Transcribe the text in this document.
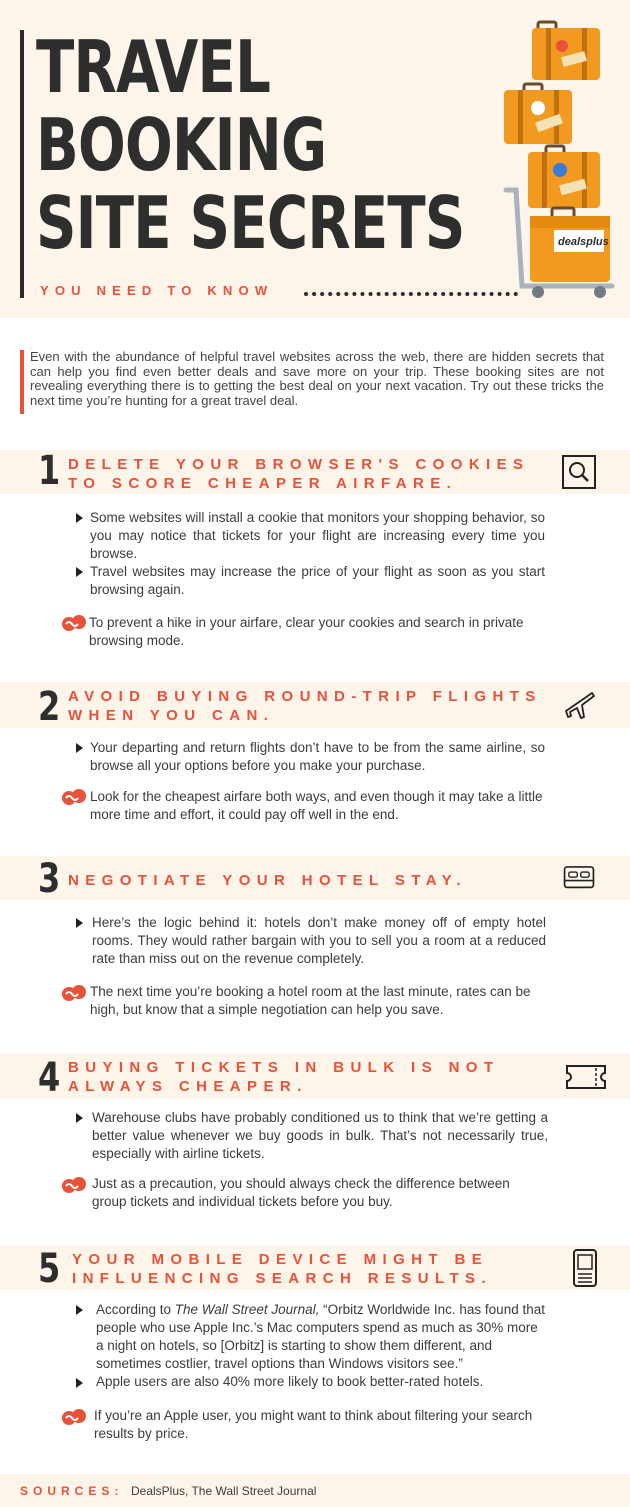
TRAVEL
BOOKING
SITE SECRETS
YOU NEED TO KNOW
dealsplus

Even with the abundance of helpful travel websites across the web, there are hidden secrets that can help you find even better deals and save more on your trip. These booking sites are not revealing everything there is to getting the best deal on your next vacation. Try out these tricks the next time you’re hunting for a great travel deal.

1 DELETE YOUR BROWSER'S COOKIES
TO SCORE CHEAPER AIRFARE.

Some websites will install a cookie that monitors your shopping behavior, so you may notice that tickets for your flight are increasing every time you browse.

Travel websites may increase the price of your flight as soon as you start browsing again.

To prevent a hike in your airfare, clear your cookies and search in private browsing mode.

2 AVOID BUYING ROUND-TRIP FLIGHTS
WHEN YOU CAN.

Your departing and return flights don’t have to be from the same airline, so browse all your options before you make your purchase.

Look for the cheapest airfare both ways, and even though it may take a little more time and effort, it could pay off well in the end.

3 NEGOTIATE YOUR HOTEL STAY.

Here’s the logic behind it: hotels don’t make money off of empty hotel rooms. They would rather bargain with you to sell you a room at a reduced rate than miss out on the revenue completely.

The next time you’re booking a hotel room at the last minute, rates can be high, but know that a simple negotiation can help you save.

4 BUYING TICKETS IN BULK IS NOT
ALWAYS CHEAPER.

Warehouse clubs have probably conditioned us to think that we’re getting a better value whenever we buy goods in bulk. That’s not necessarily true, especially with airline tickets.

Just as a precaution, you should always check the difference between group tickets and individual tickets before you buy.

5 YOUR MOBILE DEVICE MIGHT BE
INFLUENCING SEARCH RESULTS.

According to The Wall Street Journal, “Orbitz Worldwide Inc. has found that people who use Apple Inc.’s Mac computers spend as much as 30% more a night on hotels, so [Orbitz] is starting to show them different, and sometimes costlier, travel options than Windows visitors see.”

Apple users are also 40% more likely to book better-rated hotels.

If you’re an Apple user, you might want to think about filtering your search results by price.

SOURCES: DealsPlus, The Wall Street Journal
